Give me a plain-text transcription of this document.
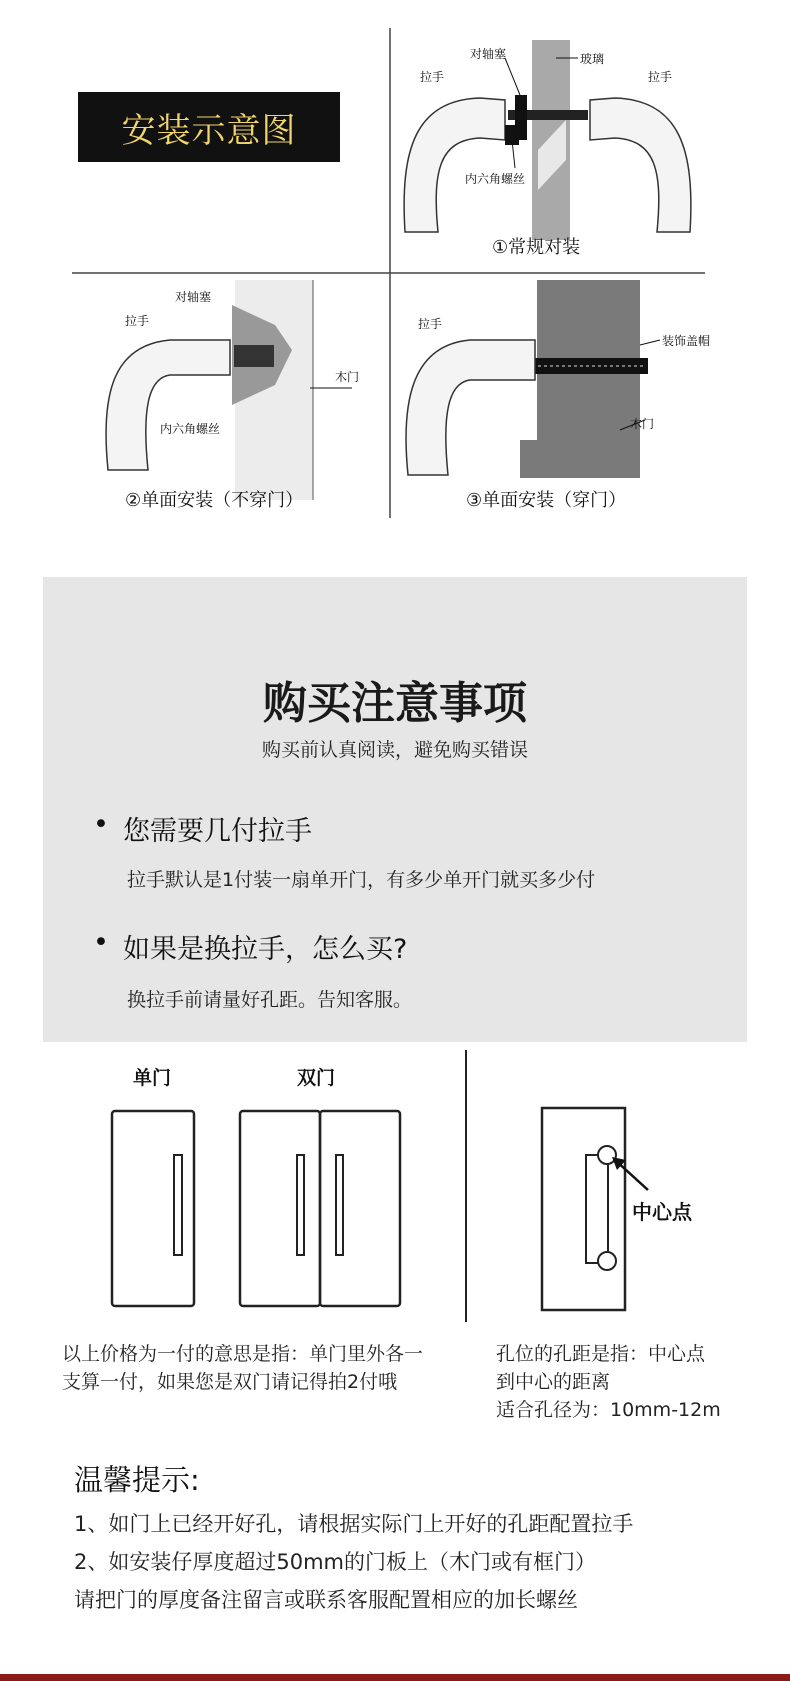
安装示意图
对轴塞	玻璃
拉手	拉手
内六角螺丝
①常规对装
对轴塞
拉手
木门
内六角螺丝
②单面安装（不穿门）
拉手
装饰盖帽
木门
③单面安装（穿门）
购买注意事项
购买前认真阅读，避免购买错误
• 您需要几付拉手
拉手默认是1付装一扇单开门，有多少单开门就买多少付
• 如果是换拉手，怎么买?
换拉手前请量好孔距。告知客服。
单门	双门
中心点
以上价格为一付的意思是指：单门里外各一
支算一付，如果您是双门请记得拍2付哦
孔位的孔距是指：中心点
到中心的距离
适合孔径为：10mm-12m
温馨提示:
1、如门上已经开好孔，请根据实际门上开好的孔距配置拉手
2、如安装仔厚度超过50mm的门板上（木门或有框门）
请把门的厚度备注留言或联系客服配置相应的加长螺丝
